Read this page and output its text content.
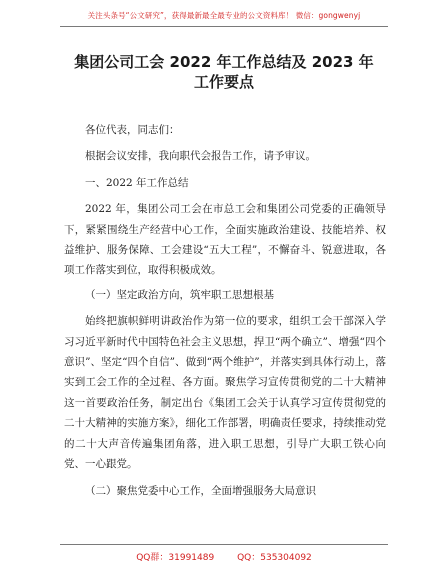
关注头条号“公文研究”，获得最新最全最专业的公文资料库！ 微信：gongwenyj
集团公司工会 2022 年工作总结及 2023 年工作要点

各位代表，同志们：

根据会议安排，我向职代会报告工作，请予审议。

一、2022 年工作总结

2022 年，集团公司工会在市总工会和集团公司党委的正确领导下，紧紧围绕生产经营中心工作，全面实施政治建设、技能培养、权益维护、服务保障、工会建设“五大工程”，不懈奋斗、锐意进取，各项工作落实到位，取得积极成效。

（一）坚定政治方向，筑牢职工思想根基

始终把旗帜鲜明讲政治作为第一位的要求，组织工会干部深入学习习近平新时代中国特色社会主义思想，捍卫“两个确立”、增强“四个意识”、坚定“四个自信”、做到“两个维护”，并落实到具体行动上，落实到工会工作的全过程、各方面。聚焦学习宣传贯彻党的二十大精神这一首要政治任务，制定出台《集团工会关于认真学习宣传贯彻党的二十大精神的实施方案》，细化工作部署，明确责任要求，持续推动党的二十大声音传遍集团角落，进入职工思想，引导广大职工铁心向党、一心跟党。

（二）聚焦党委中心工作，全面增强服务大局意识

QQ群：31991489	QQ：535304092
